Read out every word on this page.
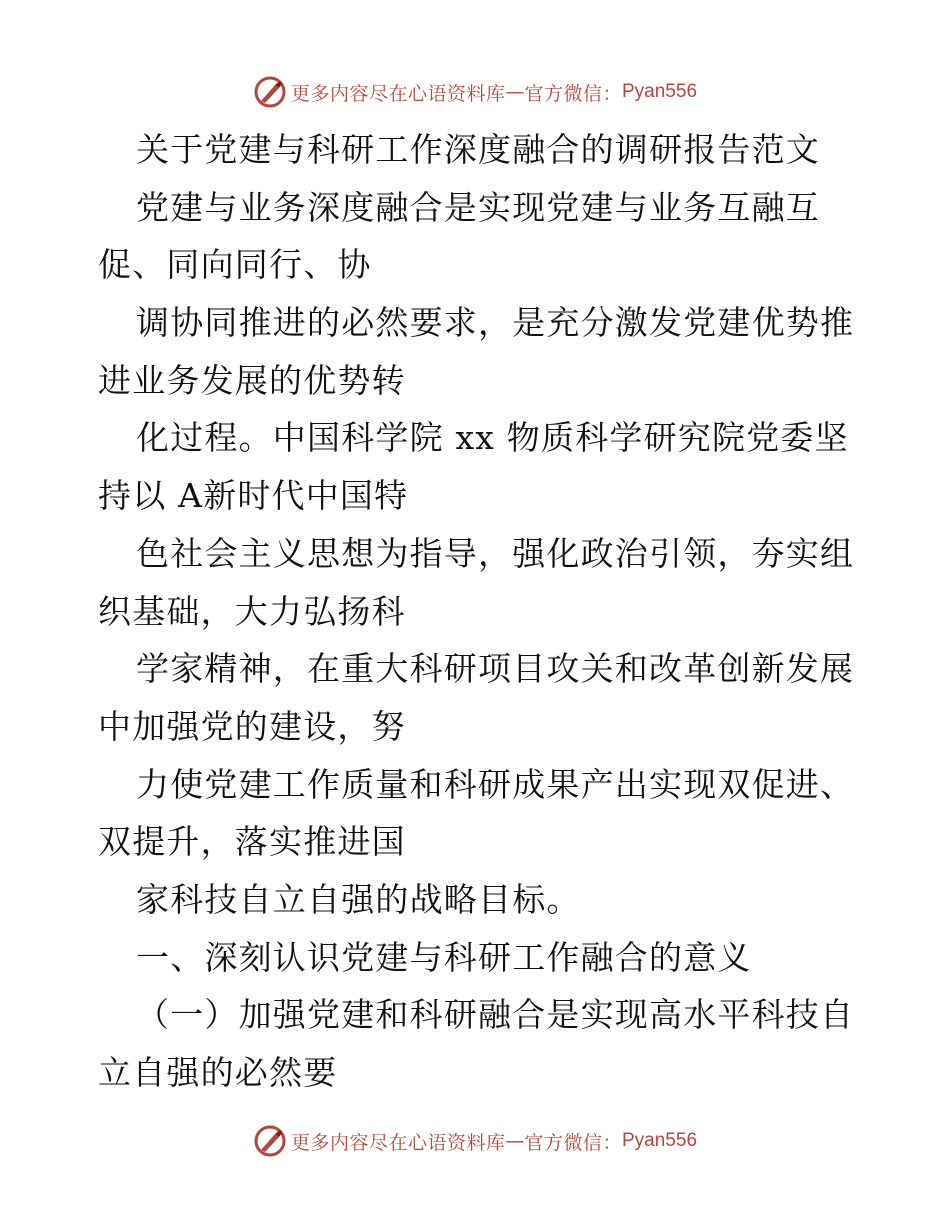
更多内容尽在心语资料库 — 官方微信： Pyan556
关于党建与科研工作深度融合的调研报告范文
党建与业务深度融合是实现党建与业务互融互
促、同向同行、协
调协同推进的必然要求，是充分激发党建优势推
进业务发展的优势转
化过程。中国科学院 xx 物质科学研究院党委坚
持以 A新时代中国特
色社会主义思想为指导，强化政治引领，夯实组
织基础，大力弘扬科
学家精神，在重大科研项目攻关和改革创新发展
中加强党的建设，努
力使党建工作质量和科研成果产出实现双促进、
双提升，落实推进国
家科技自立自强的战略目标。
一、深刻认识党建与科研工作融合的意义
（一）加强党建和科研融合是实现高水平科技自
立自强的必然要
更多内容尽在心语资料库 — 官方微信： Pyan556
